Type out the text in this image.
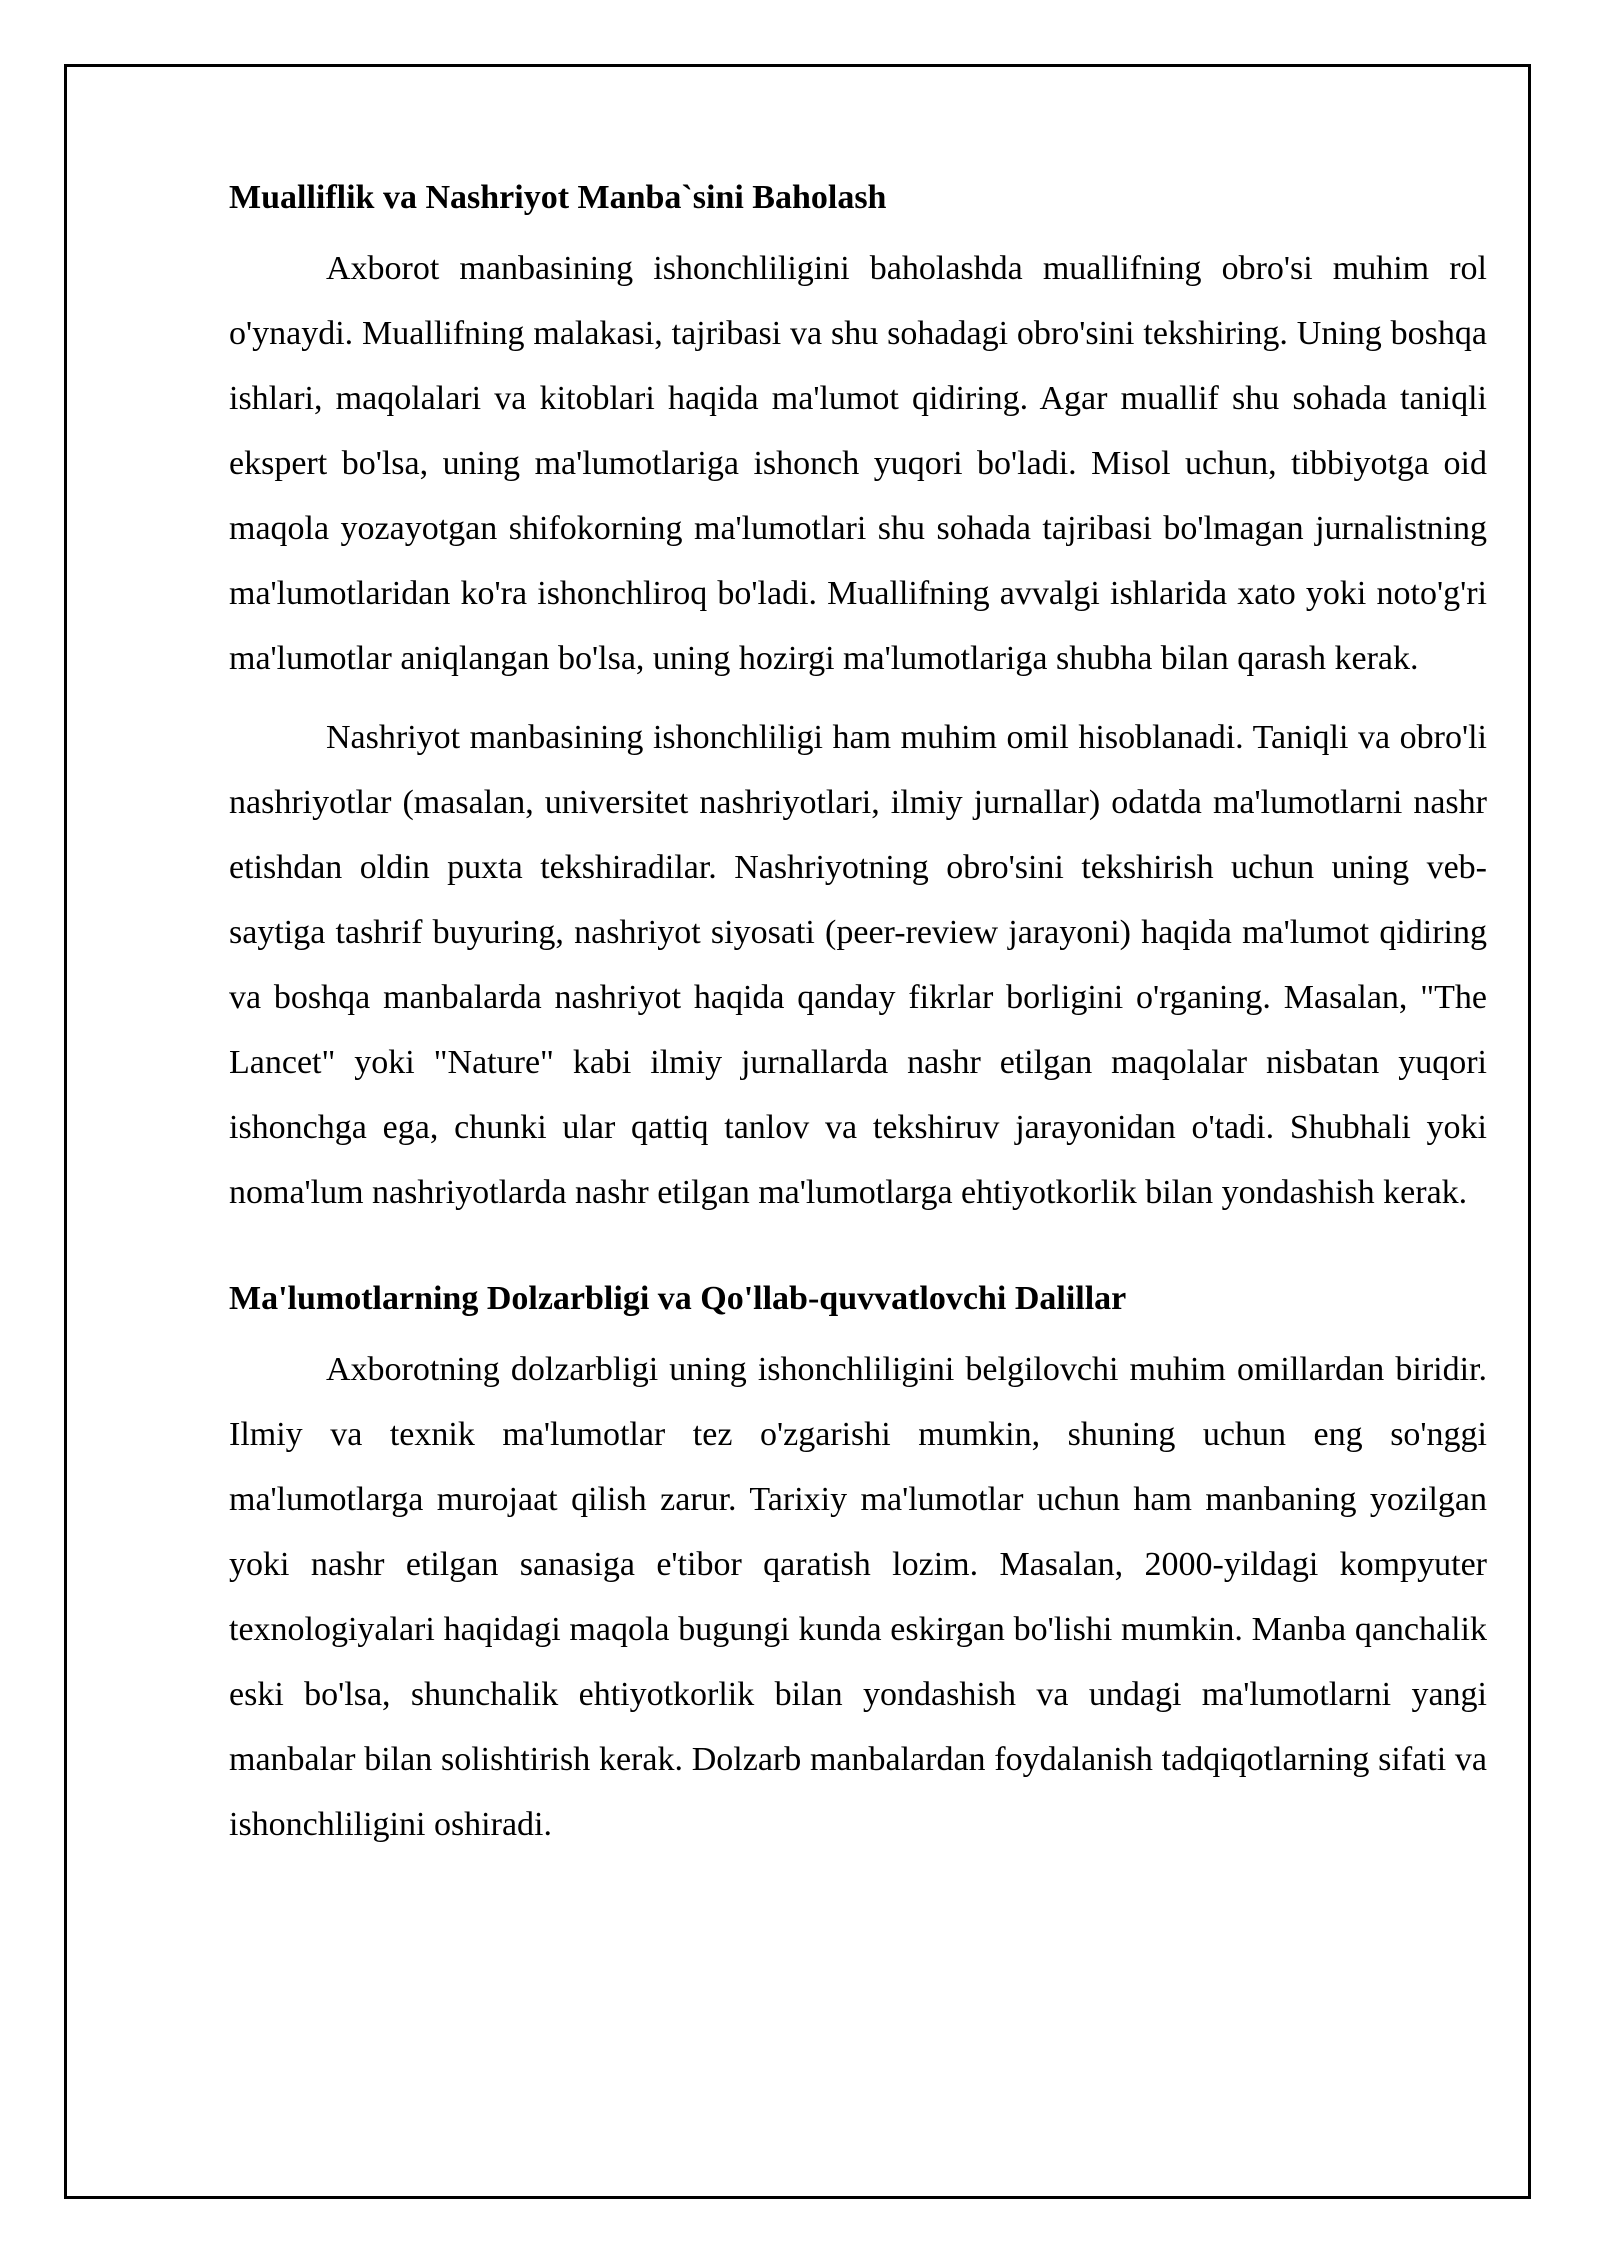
Mualliflik va Nashriyot Manba`sini Baholash

Axborot manbasining ishonchliligini baholashda muallifning obro'si muhim rol o'ynaydi. Muallifning malakasi, tajribasi va shu sohadagi obro'sini tekshiring. Uning boshqa ishlari, maqolalari va kitoblari haqida ma'lumot qidiring. Agar muallif shu sohada taniqli ekspert bo'lsa, uning ma'lumotlariga ishonch yuqori bo'ladi. Misol uchun, tibbiyotga oid maqola yozayotgan shifokorning ma'lumotlari shu sohada tajribasi bo'lmagan jurnalistning ma'lumotlaridan ko'ra ishonchliroq bo'ladi. Muallifning avvalgi ishlarida xato yoki noto'g'ri ma'lumotlar aniqlangan bo'lsa, uning hozirgi ma'lumotlariga shubha bilan qarash kerak.

Nashriyot manbasining ishonchliligi ham muhim omil hisoblanadi. Taniqli va obro'li nashriyotlar (masalan, universitet nashriyotlari, ilmiy jurnallar) odatda ma'lumotlarni nashr etishdan oldin puxta tekshiradilar. Nashriyotning obro'sini tekshirish uchun uning veb-saytiga tashrif buyuring, nashriyot siyosati (peer-review jarayoni) haqida ma'lumot qidiring va boshqa manbalarda nashriyot haqida qanday fikrlar borligini o'rganing. Masalan, "The Lancet" yoki "Nature" kabi ilmiy jurnallarda nashr etilgan maqolalar nisbatan yuqori ishonchga ega, chunki ular qattiq tanlov va tekshiruv jarayonidan o'tadi. Shubhali yoki noma'lum nashriyotlarda nashr etilgan ma'lumotlarga ehtiyotkorlik bilan yondashish kerak.

Ma'lumotlarning Dolzarbligi va Qo'llab-quvvatlovchi Dalillar

Axborotning dolzarbligi uning ishonchliligini belgilovchi muhim omillardan biridir. Ilmiy va texnik ma'lumotlar tez o'zgarishi mumkin, shuning uchun eng so'nggi ma'lumotlarga murojaat qilish zarur. Tarixiy ma'lumotlar uchun ham manbaning yozilgan yoki nashr etilgan sanasiga e'tibor qaratish lozim. Masalan, 2000-yildagi kompyuter texnologiyalari haqidagi maqola bugungi kunda eskirgan bo'lishi mumkin. Manba qanchalik eski bo'lsa, shunchalik ehtiyotkorlik bilan yondashish va undagi ma'lumotlarni yangi manbalar bilan solishtirish kerak. Dolzarb manbalardan foydalanish tadqiqotlarning sifati va ishonchliligini oshiradi.
